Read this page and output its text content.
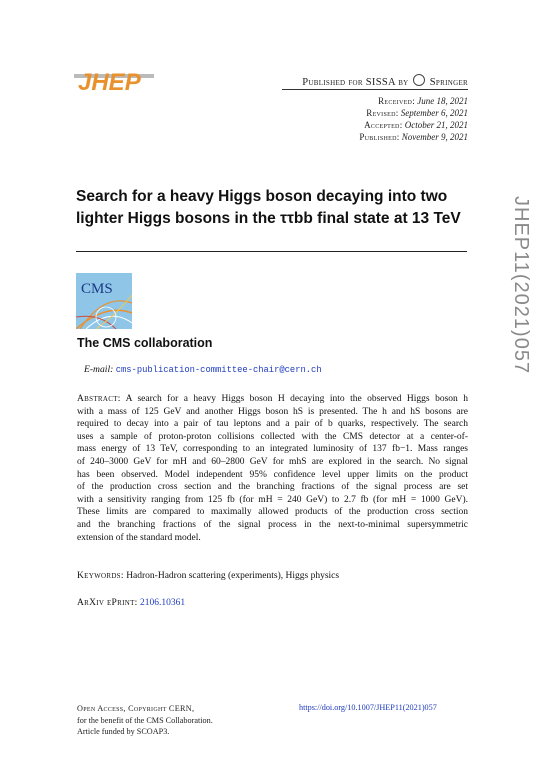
JHEP	Published for SISSA by Springer
Received: June 18, 2021
Revised: September 6, 2021
Accepted: October 21, 2021
Published: November 9, 2021
Search for a heavy Higgs boson decaying into two
lighter Higgs bosons in the ττbb final state at 13 TeV	JHEP11(2021)057
CMS
The CMS collaboration
E-mail: cms-publication-committee-chair@cern.ch
Abstract: A search for a heavy Higgs boson H decaying into the observed Higgs boson h
with a mass of 125 GeV and another Higgs boson hS is presented. The h and hS bosons are
required to decay into a pair of tau leptons and a pair of b quarks, respectively. The search
uses a sample of proton-proton collisions collected with the CMS detector at a center-of-
mass energy of 13 TeV, corresponding to an integrated luminosity of 137 fb−1. Mass ranges
of 240–3000 GeV for mH and 60–2800 GeV for mhS are explored in the search. No signal
has been observed. Model independent 95% confidence level upper limits on the product
of the production cross section and the branching fractions of the signal process are set
with a sensitivity ranging from 125 fb (for mH = 240 GeV) to 2.7 fb (for mH = 1000 GeV).
These limits are compared to maximally allowed products of the production cross section
and the branching fractions of the signal process in the next-to-minimal supersymmetric
extension of the standard model.
Keywords: Hadron-Hadron scattering (experiments), Higgs physics
ArXiv ePrint: 2106.10361
Open Access, Copyright CERN,
for the benefit of the CMS Collaboration.
Article funded by SCOAP3.
https://doi.org/10.1007/JHEP11(2021)057
